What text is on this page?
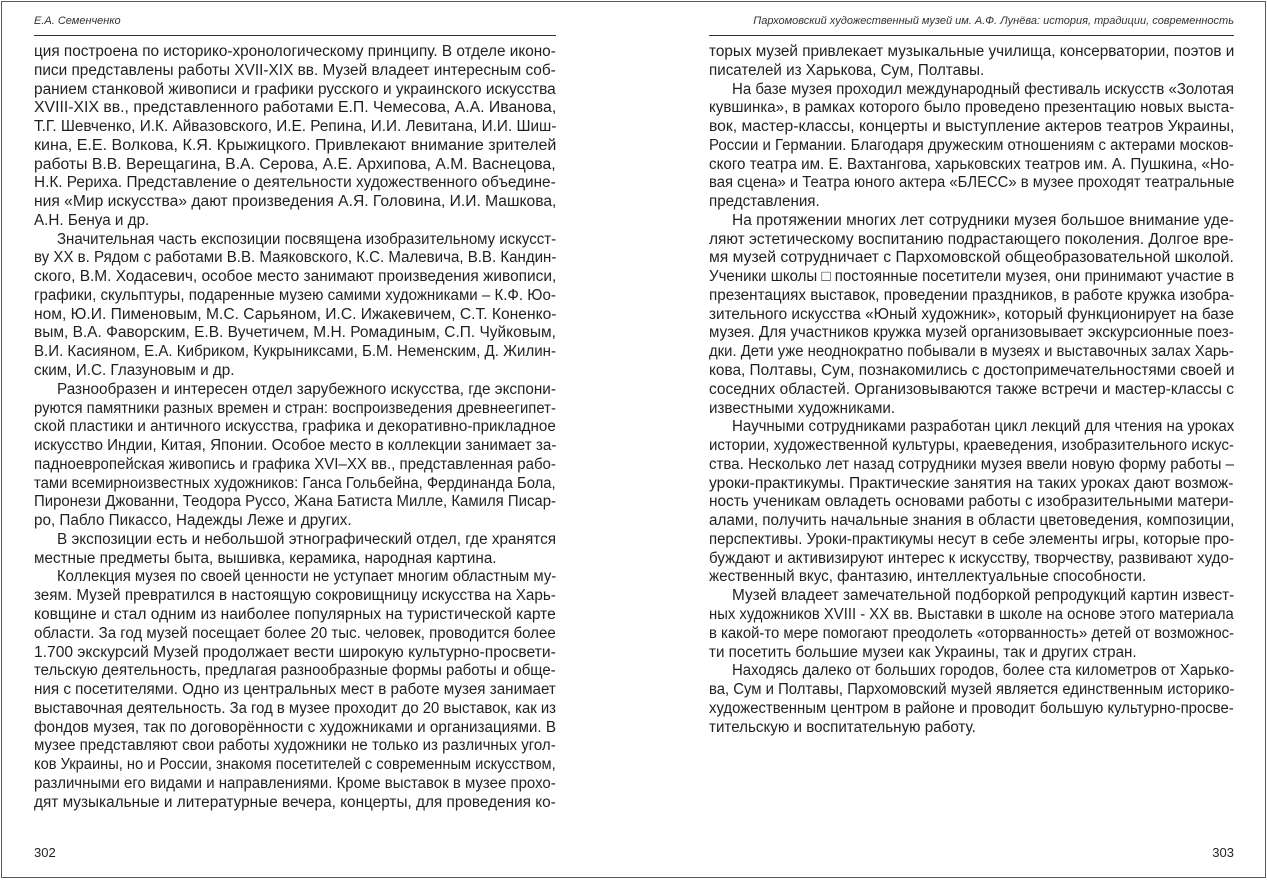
Е.А. Семенченко
ция построена по историко-хронологическому принципу. В отделе иконо-
писи представлены работы XVII-XIX вв. Музей владеет интересным соб-
ранием станковой живописи и графики русского и украинского искусства
XVIII-XIX вв., представленного работами Е.П. Чемесова, А.А. Иванова,
Т.Г. Шевченко, И.К. Айвазовского, И.Е. Репина, И.И. Левитана, И.И. Шиш-
кина, Е.Е. Волкова, К.Я. Крыжицкого. Привлекают внимание зрителей
работы В.В. Верещагина, В.А. Серова, А.Е. Архипова, А.М. Васнецова,
Н.К. Рериха. Представление о деятельности художественного объедине-
ния «Мир искусства» дают произведения А.Я. Головина, И.И. Машкова,
А.Н. Бенуа и др.
Значительная часть експозиции посвящена изобразительному искусст-
ву XX в. Рядом с работами В.В. Маяковского, К.С. Малевича, В.В. Кандин-
ского, В.М. Ходасевич, особое место занимают произведения живописи,
графики, скульптуры, подаренные музею самими художниками – К.Ф. Юо-
ном, Ю.И. Пименовым, М.С. Сарьяном, И.С. Ижакевичем, С.Т. Коненко-
вым, В.А. Фаворским, Е.В. Вучетичем, М.Н. Ромадиным, С.П. Чуйковым,
В.И. Касияном, Е.А. Кибриком, Кукрыниксами, Б.М. Неменским, Д. Жилин-
ским, И.С. Глазуновым и др.
Разнообразен и интересен отдел зарубежного искусства, где экспони-
руются памятники разных времен и стран: воспроизведения древнеегипет-
ской пластики и античного искусства, графика и декоративно-прикладное
искусство Индии, Китая, Японии. Особое место в коллекции занимает за-
падноевропейская живопись и графика XVI–XX вв., представленная рабо-
тами всемирноизвестных художников: Ганса Гольбейна, Фердинанда Бола,
Пиронези Джованни, Теодора Руссо, Жана Батиста Милле, Камиля Писар-
ро, Пабло Пикассо, Надежды Леже и других.
В экспозиции есть и небольшой этнографический отдел, где хранятся
местные предметы быта, вышивка, керамика, народная картина.
Коллекция музея по своей ценности не уступает многим областным му-
зеям. Музей превратился в настоящую сокровищницу искусства на Харь-
ковщине и стал одним из наиболее популярных на туристической карте
области. За год музей посещает более 20 тыс. человек, проводится более
1.700 экскурсий Музей продолжает вести широкую культурно-просвети-
тельскую деятельность, предлагая разнообразные формы работы и обще-
ния с посетителями. Одно из центральных мест в работе музея занимает
выставочная деятельность. За год в музее проходит до 20 выставок, как из
фондов музея, так по договорённости с художниками и организациями. В
музее представляют свои работы художники не только из различных угол-
ков Украины, но и России, знакомя посетителей с современным искусством,
различными его видами и направлениями. Кроме выставок в музее прохо-
дят музыкальные и литературные вечера, концерты, для проведения ко-
302
Пархомовский художественный музей им. А.Ф. Лунёва: история, традиции, современность
торых музей привлекает музыкальные училища, консерватории, поэтов и
писателей из Харькова, Сум, Полтавы.
На базе музея проходил международный фестиваль искусств «Золотая
кувшинка», в рамках которого было проведено презентацию новых выста-
вок, мастер-классы, концерты и выступление актеров театров Украины,
России и Германии. Благодаря дружеским отношениям с актерами москов-
ского театра им. Е. Вахтангова, харьковских театров им. А. Пушкина, «Но-
вая сцена» и Театра юного актера «БЛЕСС» в музее проходят театральные
представления.
На протяжении многих лет сотрудники музея большое внимание уде-
ляют эстетическому воспитанию подрастающего поколения. Долгое вре-
мя музей сотрудничает с Пархомовской общеобразовательной школой.
Ученики школы □ постоянные посетители музея, они принимают участие в
презентациях выставок, проведении праздников, в работе кружка изобра-
зительного искусства «Юный художник», который функционирует на базе
музея. Для участников кружка музей организовывает экскурсионные поез-
дки. Дети уже неоднократно побывали в музеях и выставочных залах Харь-
кова, Полтавы, Сум, познакомились с достопримечательностями своей и
соседних областей. Организовываются также встречи и мастер-классы с
известными художниками.
Научными сотрудниками разработан цикл лекций для чтения на уроках
истории, художественной культуры, краеведения, изобразительного искус-
ства. Несколько лет назад сотрудники музея ввели новую форму работы –
уроки-практикумы. Практические занятия на таких уроках дают возмож-
ность ученикам овладеть основами работы с изобразительными матери-
алами, получить начальные знания в области цветоведения, композиции,
перспективы. Уроки-практикумы несут в себе элементы игры, которые про-
буждают и активизируют интерес к искусству, творчеству, развивают худо-
жественный вкус, фантазию, интеллектуальные способности.
Музей владеет замечательной подборкой репродукций картин извест-
ных художников XVIII - XX вв. Выставки в школе на основе этого материала
в какой-то мере помогают преодолеть «оторванность» детей от возможнос-
ти посетить большие музеи как Украины, так и других стран.
Находясь далеко от больших городов, более ста километров от Харько-
ва, Сум и Полтавы, Пархомовский музей является единственным историко-
художественным центром в районе и проводит большую культурно-просве-
тительскую и воспитательную работу.
303
